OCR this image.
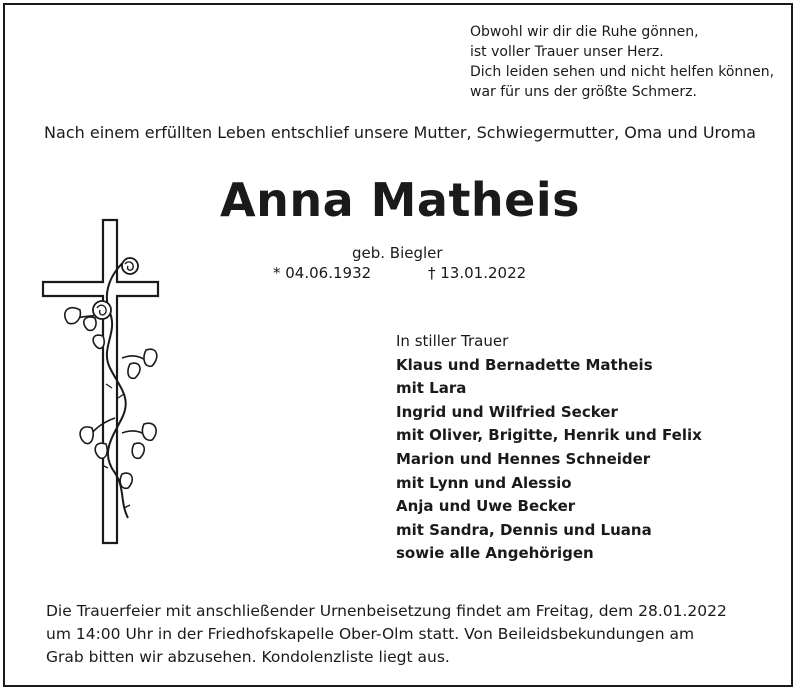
Obwohl wir dir die Ruhe gönnen,
ist voller Trauer unser Herz.
Dich leiden sehen und nicht helfen können,
war für uns der größte Schmerz.
Nach einem erfüllten Leben entschlief unsere Mutter, Schwiegermutter, Oma und Uroma
Anna Matheis
geb. Biegler
* 04.06.1932	† 13.01.2022
In stiller Trauer
Klaus und Bernadette Matheis
mit Lara
Ingrid und Wilfried Secker
mit Oliver, Brigitte, Henrik und Felix
Marion und Hennes Schneider
mit Lynn und Alessio
Anja und Uwe Becker
mit Sandra, Dennis und Luana
sowie alle Angehörigen
Die Trauerfeier mit anschließender Urnenbeisetzung findet am Freitag, dem 28.01.2022
um 14:00 Uhr in der Friedhofskapelle Ober-Olm statt. Von Beileidsbekundungen am
Grab bitten wir abzusehen. Kondolenzliste liegt aus.
